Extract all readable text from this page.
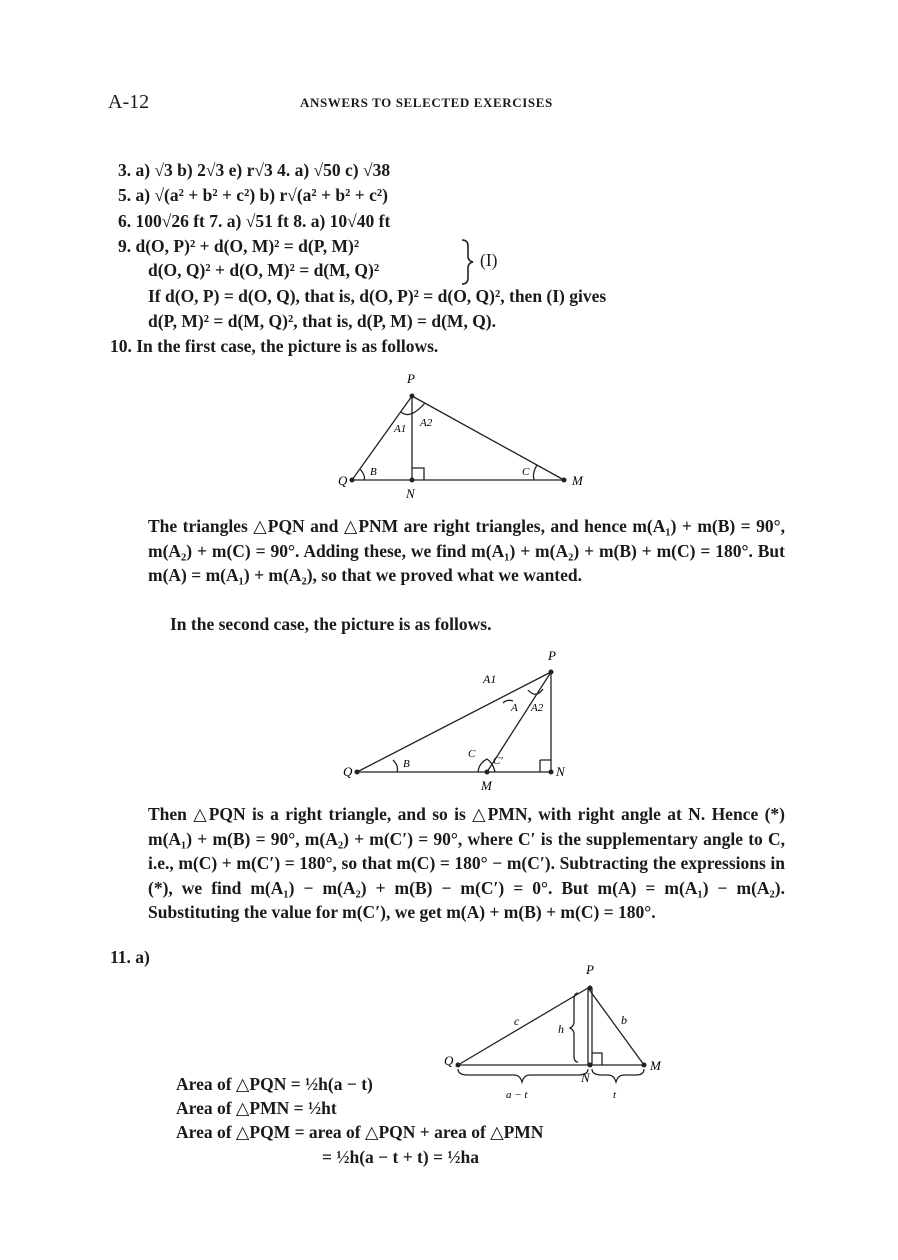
A-12	ANSWERS TO SELECTED EXERCISES
3. a) √3 b) 2√3 e) r√3 4. a) √50 c) √38
5. a) √(a² + b² + c²) b) r√(a² + b² + c²)
6. 100√26 ft 7. a) √51 ft 8. a) 10√40 ft
9. d(O, P)² + d(O, M)² = d(P, M)²
d(O, Q)² + d(O, M)² = d(M, Q)²	(I)
If d(O, P) = d(O, Q), that is, d(O, P)² = d(O, Q)², then (I) gives
d(P, M)² = d(M, Q)², that is, d(P, M) = d(M, Q).
10. In the first case, the picture is as follows.
P
Q
N
M
A1 A2
B	C
The triangles △PQN and △PNM are right triangles, and hence m(A₁) + m(B) = 90°, m(A₂) + m(C) = 90°. Adding these, we find m(A₁) + m(A₂) + m(B) + m(C) = 180°. But m(A) = m(A₁) + m(A₂), so that we proved what we wanted.
In the second case, the picture is as follows.
P
A1
A A2
Q	B
C
C′
N
M
Then △PQN is a right triangle, and so is △PMN, with right angle at N. Hence (*) m(A₁) + m(B) = 90°, m(A₂) + m(C′) = 90°, where C′ is the supplementary angle to C, i.e., m(C) + m(C′) = 180°, so that m(C) = 180° − m(C′). Subtracting the expressions in (*), we find m(A₁) − m(A₂) + m(B) − m(C′) = 0°. But m(A) = m(A₁) − m(A₂). Substituting the value for m(C′), we get m(A) + m(B) + m(C) = 180°.
11. a)
P
Q
N
M
c	b
h
a − t	t
Area of △PQN = ½h(a − t)
Area of △PMN = ½ht
Area of △PQM = area of △PQN + area of △PMN
= ½h(a − t + t) = ½ha
